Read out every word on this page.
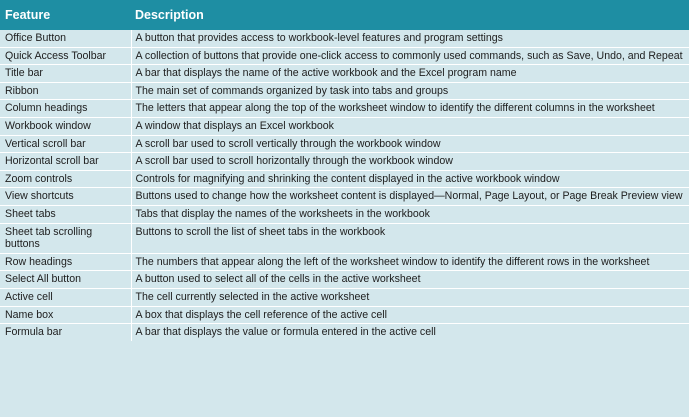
Feature	Description
Office Button	A button that provides access to workbook-level features and program settings
Quick Access Toolbar	A collection of buttons that provide one-click access to commonly used commands, such as Save, Undo, and Repeat
Title bar	A bar that displays the name of the active workbook and the Excel program name
Ribbon	The main set of commands organized by task into tabs and groups
Column headings	The letters that appear along the top of the worksheet window to identify the different columns in the worksheet
Workbook window	A window that displays an Excel workbook
Vertical scroll bar	A scroll bar used to scroll vertically through the workbook window
Horizontal scroll bar	A scroll bar used to scroll horizontally through the workbook window
Zoom controls	Controls for magnifying and shrinking the content displayed in the active workbook window
View shortcuts	Buttons used to change how the worksheet content is displayed—Normal, Page Layout, or Page Break Preview view
Sheet tabs	Tabs that display the names of the worksheets in the workbook
Sheet tab scrolling buttons	Buttons to scroll the list of sheet tabs in the workbook
Row headings	The numbers that appear along the left of the worksheet window to identify the different rows in the worksheet
Select All button	A button used to select all of the cells in the active worksheet
Active cell	The cell currently selected in the active worksheet
Name box	A box that displays the cell reference of the active cell
Formula bar	A bar that displays the value or formula entered in the active cell
